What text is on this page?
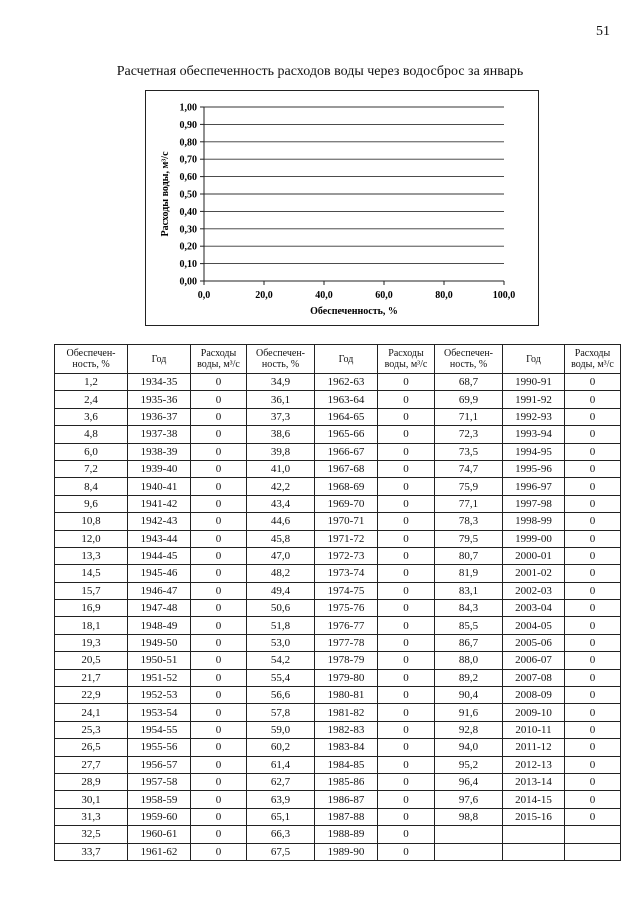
51
Расчетная обеспеченность расходов воды через водосброс за январь
0,00
0,10
0,20
0,30
0,40
0,50
0,60
0,70
0,80
0,90
1,00
0,0	20,0	40,0	60,0	80,0	100,0
Обеспеченность, %
Расходы воды, м³/с
Обеспечен-ность, %	Год	Расходы воды, м³/с	Обеспечен-ность, %	Год	Расходы воды, м³/с	Обеспечен-ность, %	Год	Расходы воды, м³/с
1,2	1934-35	0	34,9	1962-63	0	68,7	1990-91	0
2,4	1935-36	0	36,1	1963-64	0	69,9	1991-92	0
3,6	1936-37	0	37,3	1964-65	0	71,1	1992-93	0
4,8	1937-38	0	38,6	1965-66	0	72,3	1993-94	0
6,0	1938-39	0	39,8	1966-67	0	73,5	1994-95	0
7,2	1939-40	0	41,0	1967-68	0	74,7	1995-96	0
8,4	1940-41	0	42,2	1968-69	0	75,9	1996-97	0
9,6	1941-42	0	43,4	1969-70	0	77,1	1997-98	0
10,8	1942-43	0	44,6	1970-71	0	78,3	1998-99	0
12,0	1943-44	0	45,8	1971-72	0	79,5	1999-00	0
13,3	1944-45	0	47,0	1972-73	0	80,7	2000-01	0
14,5	1945-46	0	48,2	1973-74	0	81,9	2001-02	0
15,7	1946-47	0	49,4	1974-75	0	83,1	2002-03	0
16,9	1947-48	0	50,6	1975-76	0	84,3	2003-04	0
18,1	1948-49	0	51,8	1976-77	0	85,5	2004-05	0
19,3	1949-50	0	53,0	1977-78	0	86,7	2005-06	0
20,5	1950-51	0	54,2	1978-79	0	88,0	2006-07	0
21,7	1951-52	0	55,4	1979-80	0	89,2	2007-08	0
22,9	1952-53	0	56,6	1980-81	0	90,4	2008-09	0
24,1	1953-54	0	57,8	1981-82	0	91,6	2009-10	0
25,3	1954-55	0	59,0	1982-83	0	92,8	2010-11	0
26,5	1955-56	0	60,2	1983-84	0	94,0	2011-12	0
27,7	1956-57	0	61,4	1984-85	0	95,2	2012-13	0
28,9	1957-58	0	62,7	1985-86	0	96,4	2013-14	0
30,1	1958-59	0	63,9	1986-87	0	97,6	2014-15	0
31,3	1959-60	0	65,1	1987-88	0	98,8	2015-16	0
32,5	1960-61	0	66,3	1988-89	0			
33,7	1961-62	0	67,5	1989-90	0			
